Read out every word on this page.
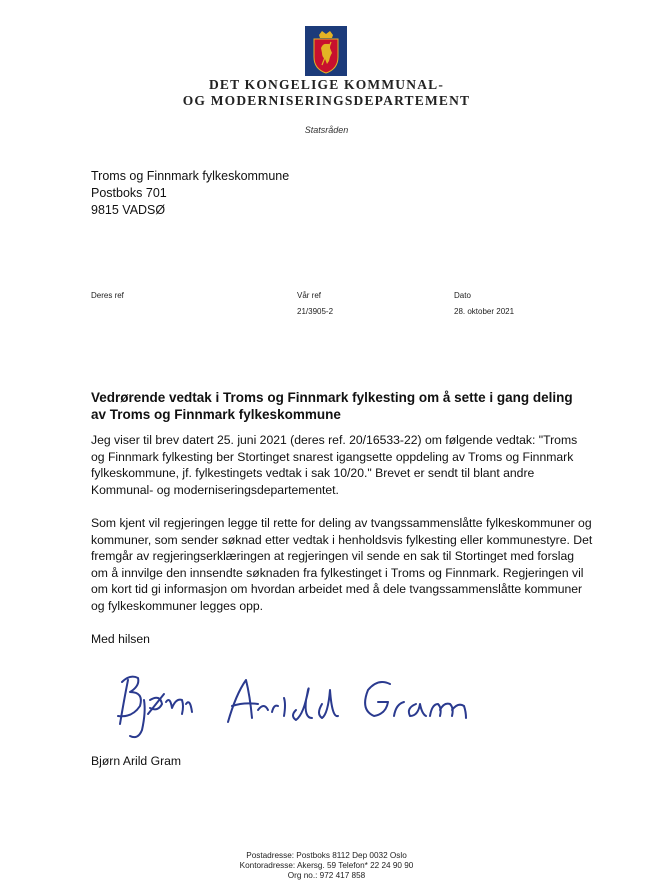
DET KONGELIGE KOMMUNAL-
OG MODERNISERINGSDEPARTEMENT
Statsråden
Troms og Finnmark fylkeskommune
Postboks 701
9815 VADSØ
Deres ref	Vår ref
21/3905-2
Dato
28. oktober 2021
Vedrørende vedtak i Troms og Finnmark fylkesting om å sette i gang deling av Troms og Finnmark fylkeskommune
Jeg viser til brev datert 25. juni 2021 (deres ref. 20/16533-22) om følgende vedtak: "Troms
og Finnmark fylkesting ber Stortinget snarest igangsette oppdeling av Troms og Finnmark
fylkeskommune, jf. fylkestingets vedtak i sak 10/20." Brevet er sendt til blant andre
Kommunal- og moderniseringsdepartementet.
Som kjent vil regjeringen legge til rette for deling av tvangssammenslåtte fylkeskommuner og
kommuner, som sender søknad etter vedtak i henholdsvis fylkesting eller kommunestyre. Det
fremgår av regjeringserklæringen at regjeringen vil sende en sak til Stortinget med forslag
om å innvilge den innsendte søknaden fra fylkestinget i Troms og Finnmark. Regjeringen vil
om kort tid gi informasjon om hvordan arbeidet med å dele tvangssammenslåtte kommuner
og fylkeskommuner legges opp.
Med hilsen
Bjørn Arild Gram
Postadresse: Postboks 8112 Dep 0032 Oslo
Kontoradresse: Akersg. 59 Telefon* 22 24 90 90
Org no.: 972 417 858
